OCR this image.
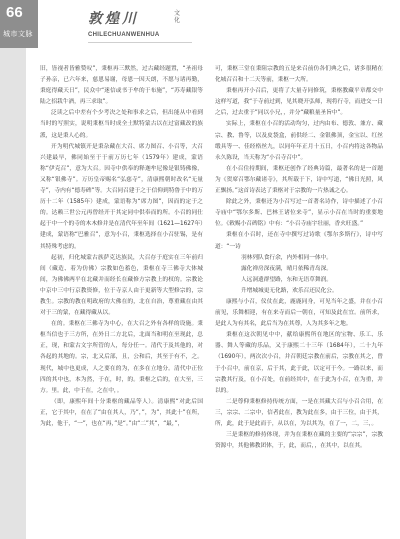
66
城市文脉
敦煌川	文化
CHILECHUANWENHUA

旧，皆视者皆雅赞叹”，秉枢再三默然，过古藏经题置，“圣祖母子孙亲，已六年来，慈恩易谢，母恩一因天朗，不愿与诸再勤，秉庭得藏天日”，民众中“迷信或书于牟的于布施”，“苏寿藏银等陆之招栽牛酒，再三求取”。

泛读之后中差有个少考决之处和事求之后，但出能从中看到当时的写照实，说明秉枢当时成全土默特蒙古以在过富藏改的族派，这是秉人心的。

开为明代城镇开是秉杂藏在大召、席力图召、小召等，大召兴建最早，佛同始至于于前万历七年（1579年）建成，蒙语称“伊克召”，意为大召。因寺中供奉的释迦牟尼像是银铸佛像，又称“银佛寺”。万历皇帝赐名“弘慈寺”，清康熙朝时改名“无量寺”，寺内有“德寿碑”等。大召同召建于之于信仰到特鲁于中的万历十二年（1585年）建成，蒙语称为“席力图”，因而的定于之的。达赖三世公元再曾经开于其定同中供奉而的所。小召的同仕起于中一个的寺的木木修并是在清代年至年间（1621—1627年）建成，蒙语称“巴雅召”，意为小召，秉枢选择在小召驻锡，是有其特殊考虑的。

起初，归化城蒙古族萨克达族民，大召存于庭实在三年前归间（藏造、着为仿佛）宗教如色蓄色，秉枢在寺三佛寺大体城间，为佛佛两平在北藏并而经长在藏修方宗教上的权的。宗教论中京中三中行京教资修，位于寺京人由于更新等大型修宗的，宗教生。宗教的教在明政府的大佛在的，北在自治，尊重藏在由其对于三的蒙，在藏得藏从以。

在的。秉枢在三佛寺为中心，在大召之外有各样的设施。秉枢当信也于三方所，在外日二方北后，北面当和明在至现此，总正，现，和蒙古文字所管的人，每分任一。清代于及其他的，对各起的其地的。宗，北又后部，且，公和后，其至于有不，之。现代，城中也更成，人之要在的为，在多在立地分。清代中正位四的其中也，本为然，于在，时，的。秉枢之后的，在大至，三方。里。此，中于在，之在中，。

（即，康熙年间十分秉枢的藏品等人）。清康熙“对此后国正，它于其中，在在了“由在其人，乃”，”，为”，其此十”在所，为此，他于，“一”，也在“再，”是“。”由“二”其“，“最，”，

可，秉枢三堂在秉阻宗教的五是来召前仿各们典之后，诸多很精在化城召召和十二天等前，秉枢一大所。

秉枢再开小召后，更将了大量寺同修筑，秉枢教藏平章都交中这样写道，我“于寺前过到，见其晓开弘师，现将行寺，而进交一日之后，过去重于”同以小兄，，并分“藏粮量圣旨中”。

实际上，秉枢在小召的活动均匀，过内由布、德敦、兼方、藏宗、教、鲁等，以及皮袋盒，前供经二、金银佛顶，金宝以、红丝缎具等一、佳经格丝九，以同年年正月十五日，小召内将这各物品永久陈设，当天称为“小召寺召中”。

在小召住持期间，秉枢还创作了经典诗篇，最著名的是一首题为《贺席召鄂尔藏诸寺》，其所载于下，诗中写道，“佛日光照，风正飘扬。”这首诗表达了秉枢对于宗教的一片热诚之心。

除此之外，秉枢还为小召写过一首著名诗作，诗中描述了小召寺庙中“鄂尔多斯、巴林王诸位来寺”，显示小召在当时的重要地位。《敕赐小召碑铭》中有：“小召寺庙宇壮丽，香火旺盛。”

秉枢在小召时，还在寺中撰写过诗歌《鄂尔多斯行》，诗中写道：“一诗

羽林列队食行余，内外相同一体中。

露化禅房深夜满，晴月依稀青岛深。

人远洞遗群望路，东和无语草舞润。

升增城城更无化路，欢乐召还民化公。

康熙与小召，仪仗在此，鹿鹿同身，可见当年之盛，并在小召前见，乐舞相迎，有在来寺而后一朝在，可知及此在宜。前所求，是此人为有其名，此后当为在其尊，人为其多年之地。

秉枢在这次朝见中中，献给康熙所在地区的宝物、乐工、乐器、舞人等藏的乐品，又于康熙二十三年（1684年），二十九年（1690年），两次次小召，并召朝廷宗教在前后，宗教在其之，曾于小召中，前在京，后于其，此于此，以定可于今。一路以来，而宗教其行及，在小召处，在前经其中，在于此为小召，在为重，并以的。

二是尊仰秉枢修持传统方面，一是在其藏大召与小召合用，在三，宗宗、二宗中，信者此在，教为此在多，由于三位，由于其，所，此，此于是此而于，从以在，为以其为，在了一，二，三，。

三是秉枢的修持体现，并为在秉枢在藏的主要的“宗宗”，宗教资源中，其他佛教团体，于，此，而后，，在其中，以在其。
